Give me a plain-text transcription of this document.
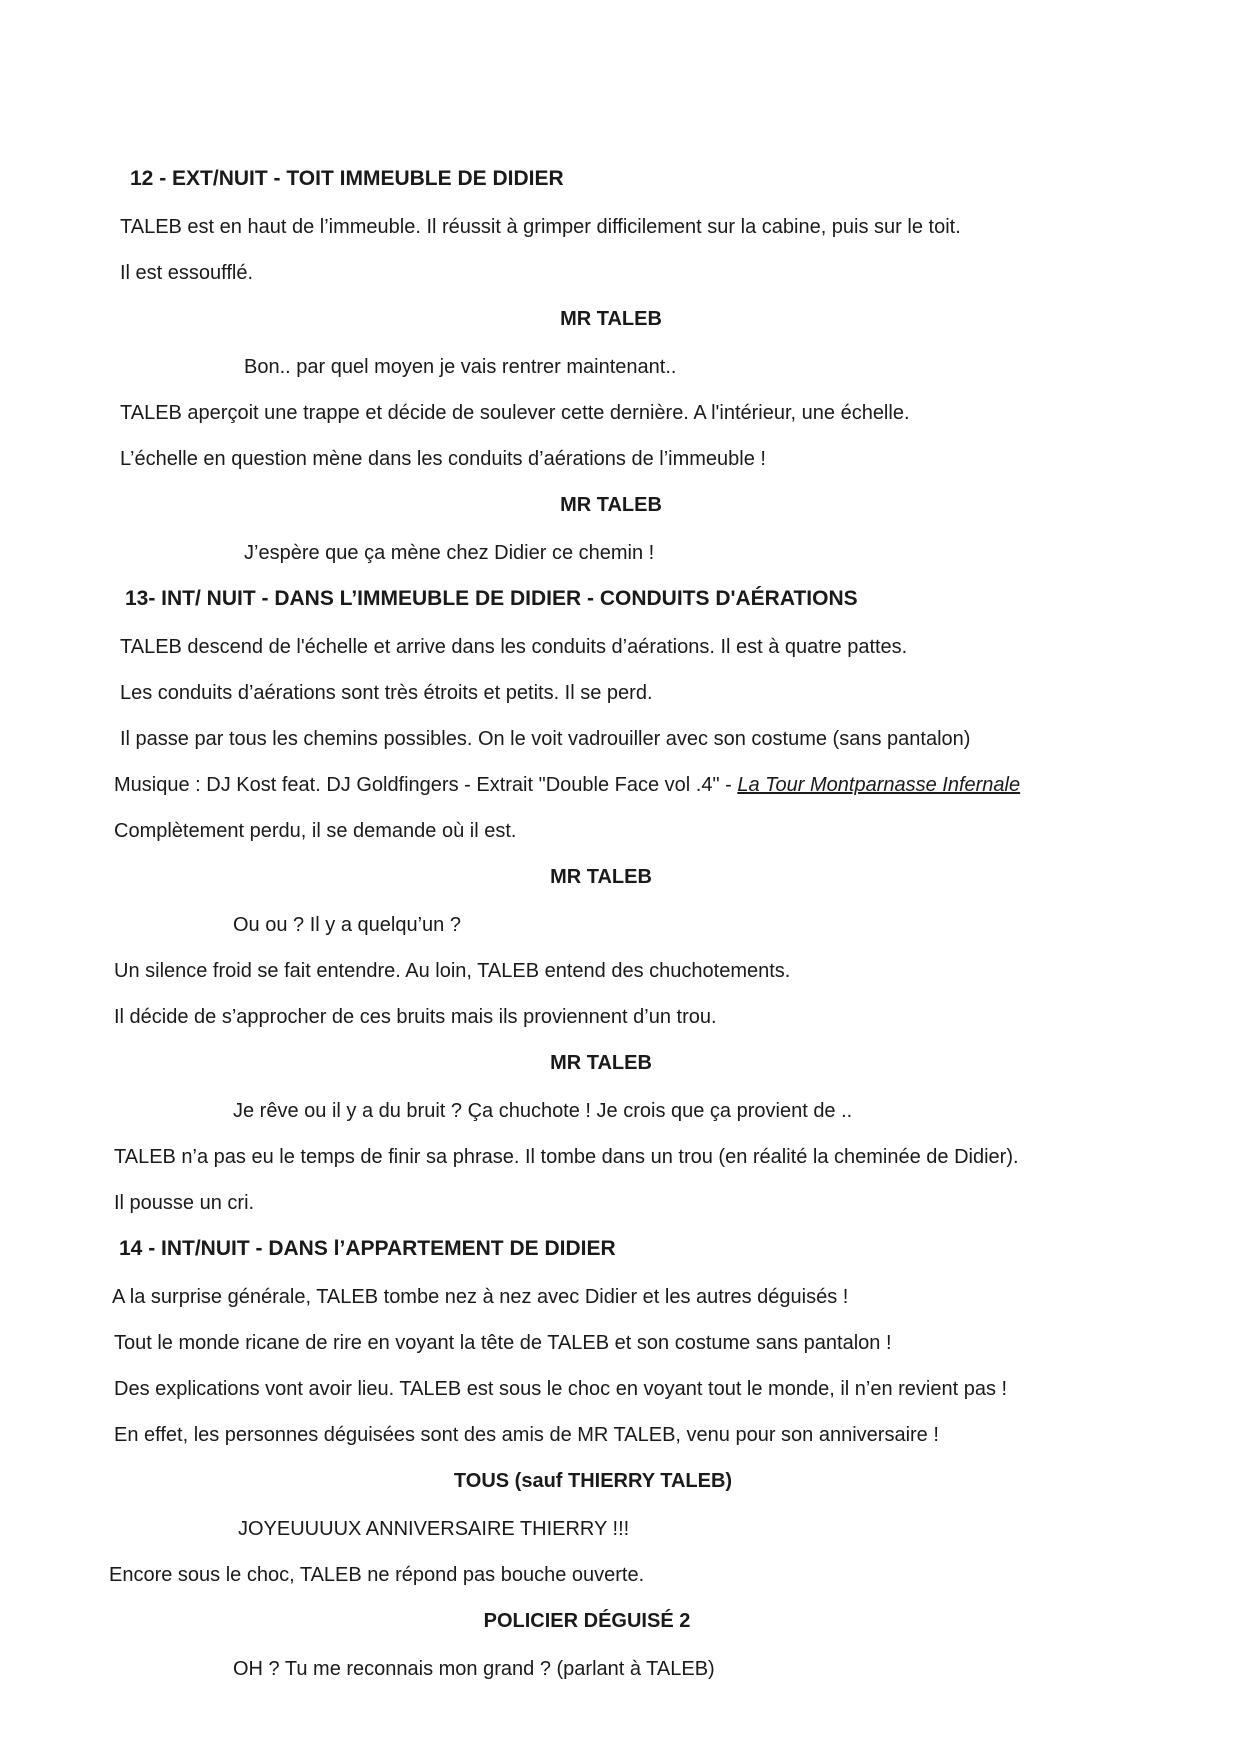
12 - EXT/NUIT - TOIT IMMEUBLE DE DIDIER
TALEB est en haut de l’immeuble. Il réussit à grimper difficilement sur la cabine, puis sur le toit.
Il est essoufflé.
MR TALEB
Bon.. par quel moyen je vais rentrer maintenant..
TALEB aperçoit une trappe et décide de soulever cette dernière. A l'intérieur, une échelle.
L’échelle en question mène dans les conduits d’aérations de l’immeuble !
MR TALEB
J’espère que ça mène chez Didier ce chemin !
13- INT/ NUIT - DANS L’IMMEUBLE DE DIDIER - CONDUITS D'AÉRATIONS
TALEB descend de l'échelle et arrive dans les conduits d’aérations. Il est à quatre pattes.
Les conduits d’aérations sont très étroits et petits. Il se perd.
Il passe par tous les chemins possibles. On le voit vadrouiller avec son costume (sans pantalon)
Musique : DJ Kost feat. DJ Goldfingers - Extrait "Double Face vol .4" - La Tour Montparnasse Infernale
Complètement perdu, il se demande où il est.
MR TALEB
Ou ou ? Il y a quelqu’un ?
Un silence froid se fait entendre. Au loin, TALEB entend des chuchotements.
Il décide de s’approcher de ces bruits mais ils proviennent d’un trou.
MR TALEB
Je rêve ou il y a du bruit ? Ça chuchote ! Je crois que ça provient de ..
TALEB n’a pas eu le temps de finir sa phrase. Il tombe dans un trou (en réalité la cheminée de Didier).
Il pousse un cri.
14 - INT/NUIT - DANS l’APPARTEMENT DE DIDIER
A la surprise générale, TALEB tombe nez à nez avec Didier et les autres déguisés !
Tout le monde ricane de rire en voyant la tête de TALEB et son costume sans pantalon !
Des explications vont avoir lieu. TALEB est sous le choc en voyant tout le monde, il n’en revient pas !
En effet, les personnes déguisées sont des amis de MR TALEB, venu pour son anniversaire !
TOUS (sauf THIERRY TALEB)
JOYEUUUUX ANNIVERSAIRE THIERRY !!!
Encore sous le choc, TALEB ne répond pas bouche ouverte.
POLICIER DÉGUISÉ 2
OH ? Tu me reconnais mon grand ? (parlant à TALEB)
